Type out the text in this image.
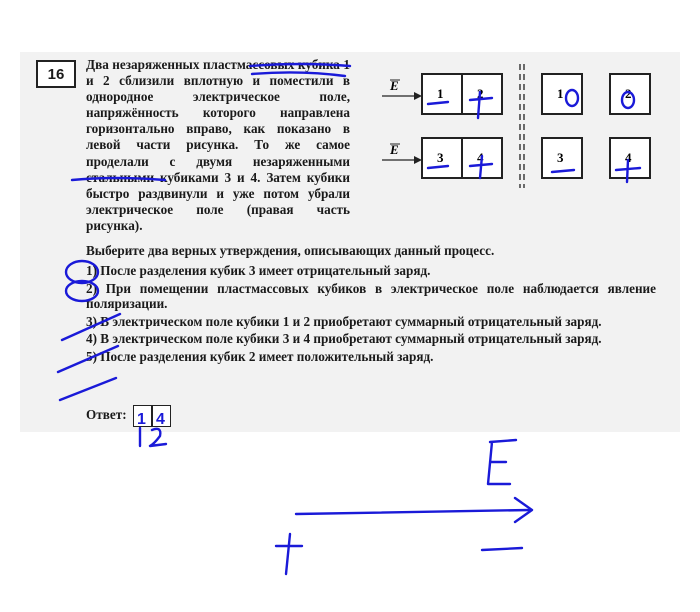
16
Два незаряженных пластмассовых кубика 1 и 2 сблизили вплотную и поместили в однородное электрическое поле, напряжённость которого направлена горизонтально вправо, как показано в левой части рисунка. То же самое проделали с двумя незаряженными стальными кубиками 3 и 4. Затем кубики быстро раздвинули и уже потом убрали электрическое поле (правая часть рисунка).
Выберите два верных утверждения, описывающих данный процесс.
1) После разделения кубик 3 имеет отрицательный заряд.
2) При помещении пластмассовых кубиков в электрическое поле наблюдается явление поляризации.
3) В электрическом поле кубики 1 и 2 приобретают суммарный отрицательный заряд.
4) В электрическом поле кубики 3 и 4 приобретают суммарный отрицательный заряд.
5) После разделения кубик 2 имеет положительный заряд.
Ответ:
E
E
1	2
3	4
1	2
3	4
1 4
